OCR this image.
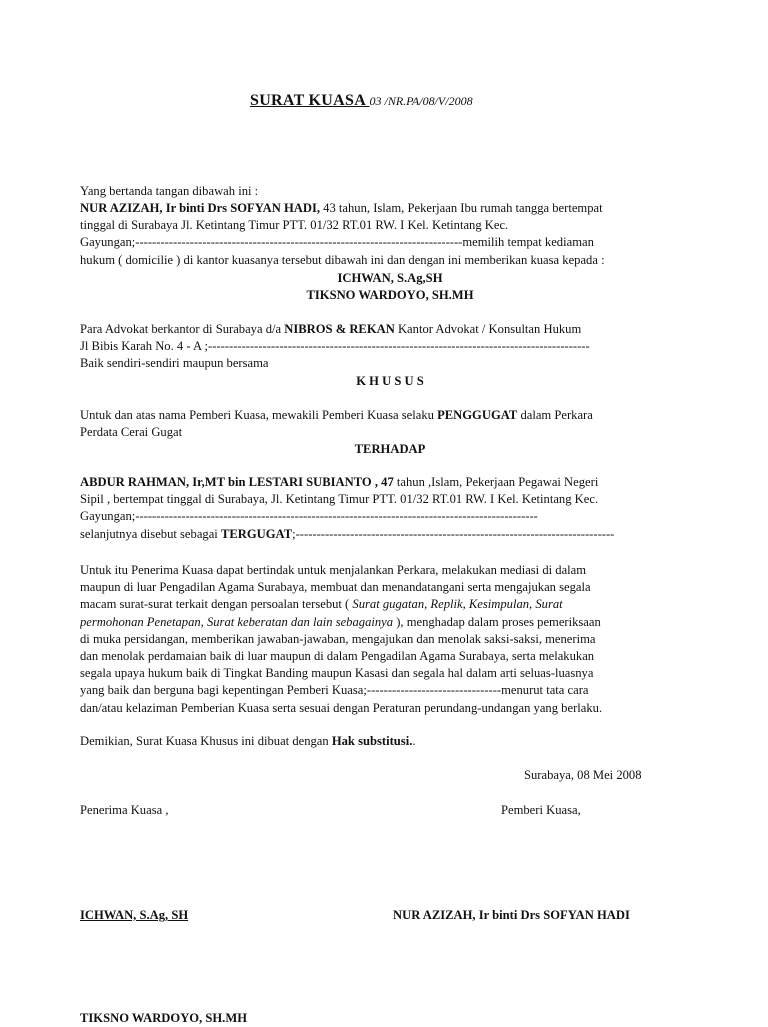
SURAT KUASA 03 /NR.PA/08/V/2008
Yang bertanda tangan dibawah ini :
NUR AZIZAH, Ir binti Drs SOFYAN HADI, 43 tahun, Islam, Pekerjaan Ibu rumah tangga bertempat
tinggal di Surabaya Jl. Ketintang Timur PTT. 01/32 RT.01 RW. I Kel. Ketintang Kec.
Gayungan;------------------------------------------------------------------------------memilih tempat kediaman
hukum ( domicilie ) di kantor kuasanya tersebut dibawah ini dan dengan ini memberikan kuasa kepada :
ICHWAN, S.Ag,SH
TIKSNO WARDOYO, SH.MH
Para Advokat berkantor di Surabaya d/a NIBROS & REKAN Kantor Advokat / Konsultan Hukum
Jl Bibis Karah No. 4 - A ;-------------------------------------------------------------------------------------------
Baik sendiri-sendiri maupun bersama
K H U S U S
Untuk dan atas nama Pemberi Kuasa, mewakili Pemberi Kuasa selaku PENGGUGAT dalam Perkara
Perdata Cerai Gugat
TERHADAP
ABDUR RAHMAN, Ir,MT bin LESTARI SUBIANTO , 47 tahun ,Islam, Pekerjaan Pegawai Negeri
Sipil , bertempat tinggal di Surabaya, Jl. Ketintang Timur PTT. 01/32 RT.01 RW. I Kel. Ketintang Kec.
Gayungan;------------------------------------------------------------------------------------------------
selanjutnya disebut sebagai TERGUGAT;----------------------------------------------------------------------------
Untuk itu Penerima Kuasa dapat bertindak untuk menjalankan Perkara, melakukan mediasi di dalam
maupun di luar Pengadilan Agama Surabaya, membuat dan menandatangani serta mengajukan segala
macam surat-surat terkait dengan persoalan tersebut ( Surat gugatan, Replik, Kesimpulan, Surat
permohonan Penetapan, Surat keberatan dan lain sebagainya ), menghadap dalam proses pemeriksaan
di muka persidangan, memberikan jawaban-jawaban, mengajukan dan menolak saksi-saksi, menerima
dan menolak perdamaian baik di luar maupun di dalam Pengadilan Agama Surabaya, serta melakukan
segala upaya hukum baik di Tingkat Banding maupun Kasasi dan segala hal dalam arti seluas-luasnya
yang baik dan berguna bagi kepentingan Pemberi Kuasa;--------------------------------menurut tata cara
dan/atau kelaziman Pemberian Kuasa serta sesuai dengan Peraturan perundang-undangan yang berlaku.
Demikian, Surat Kuasa Khusus ini dibuat dengan Hak substitusi..
Surabaya, 08 Mei 2008
Penerima Kuasa ,	Pemberi Kuasa,
ICHWAN, S.Ag, SH	NUR AZIZAH, Ir binti Drs SOFYAN HADI
TIKSNO WARDOYO, SH.MH
